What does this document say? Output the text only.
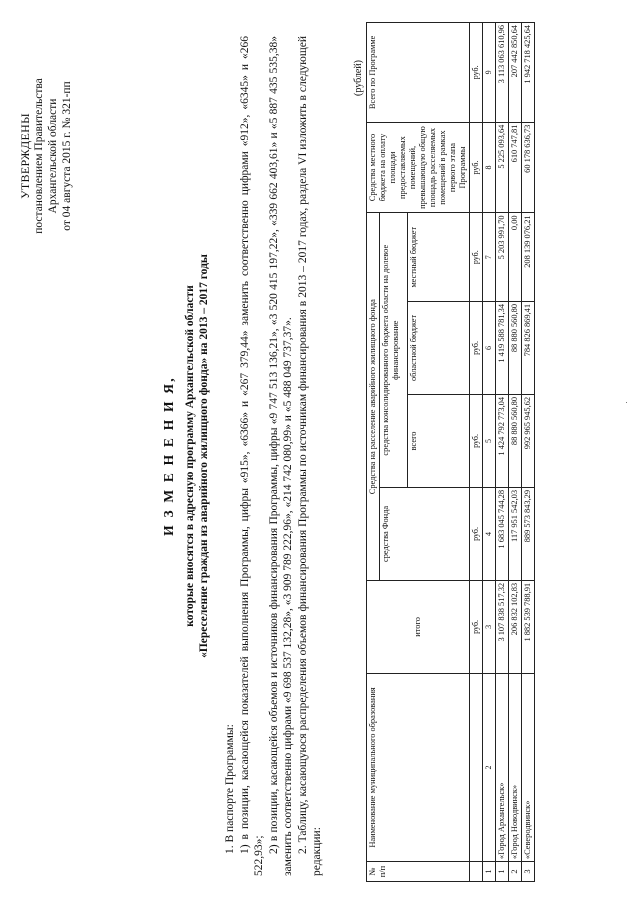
УТВЕРЖДЕНЫ постановлением Правительства Архангельской области от 04 августа 2015 г. № 321-пп
И З М Е Н Е Н И Я, которые вносятся в адресную программу Архангельской области «Переселение граждан из аварийного жилищного фонда» на 2013 – 2017 годы

1. В паспорте Программы: 1) в позиции, касающейся показателей выполнения Программы, цифры «915», «6366» и «267 379,44» заменить соответственно цифрами «912», «6345» и «266 522,93»;

2) в позиции, касающейся объемов и источников финансирования Программы, цифры «9 747 513 136,21», «3 520 415 197,22», «339 662 403,61» и «5 887 435 535,38» заменить соответственно цифрами «9 698 537 132,28», «3 909 789 222,96», «214 742 080,99» и «5 488 049 737,37». 2. Таблицу, касающуюся распределения объемов финансирования Программы по источникам финансирования в 2013 – 2017 годах, раздела VI изложить в следующей редакции:

(рублей)
№ п/п	Наименование муниципального образования	итого	Средства на расселение аварийного жилищного фонда				Средства местного бюджета на оплату площади предоставляемых помещений, превышающую общую площадь расселяемых помещений в рамках первого этапа Программы	Всего по Программе
			средства Фонда	средства консолидированного бюджета области на долевое финансирование				
				всего	областной бюджет	местный бюджет		
		руб.	руб.	руб.	руб.	руб.	руб.	руб.
1	2	3	4	5	6	7	8	9
1	«Город Архангельск»	3 107 838 517,32	1 683 045 744,28	1 424 792 773,04	1 419 588 781,34	5 203 991,70	5 225 093,64	3 113 063 610,96
2	«Город Новодвинск»	206 832 102,83	117 951 542,03	88 880 560,80	88 880 560,80	0,00	610 747,81	207 442 850,64
3	«Северодвинск»	1 882 539 788,91	889 573 843,29	992 965 945,62	784 826 869,41	208 139 076,21	60 178 636,73	1 942 718 425,64
